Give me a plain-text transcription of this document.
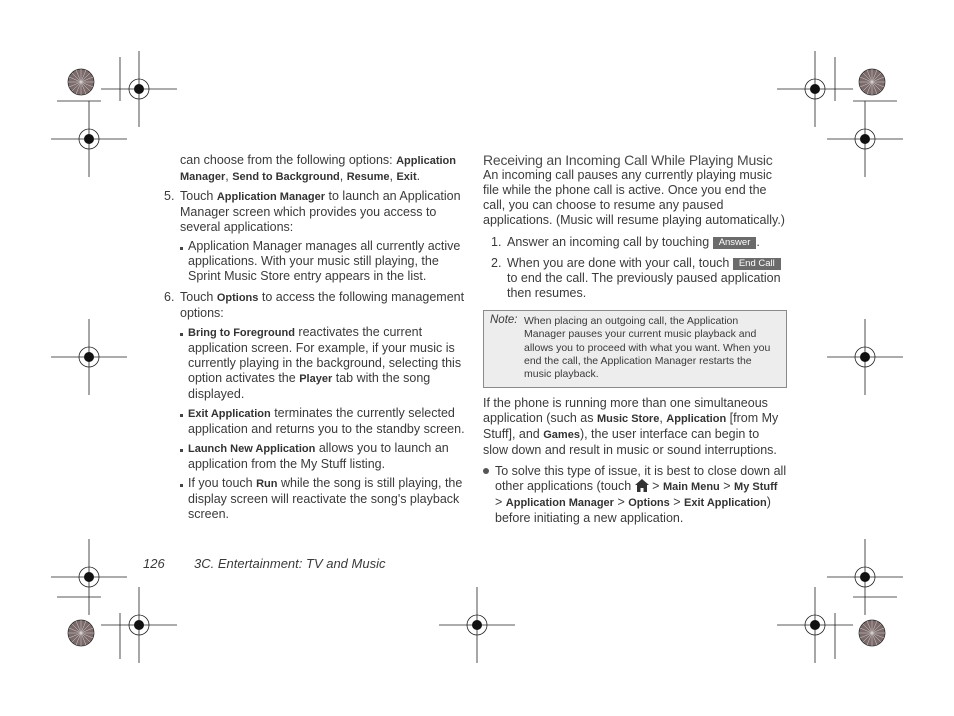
can choose from the following options: Application Manager, Send to Background, Resume, Exit.

5. Touch Application Manager to launch an Application Manager screen which provides you access to several applications:

Application Manager manages all currently active applications. With your music still playing, the Sprint Music Store entry appears in the list.
6. Touch Options to access the following management options:

Bring to Foreground reactivates the current application screen. For example, if your music is currently playing in the background, selecting this option activates the Player tab with the song displayed.
Exit Application terminates the currently selected application and returns you to the standby screen.
Launch New Application allows you to launch an application from the My Stuff listing.
If you touch Run while the song is still playing, the display screen will reactivate the song's playback screen.

Receiving an Incoming Call While Playing Music

An incoming call pauses any currently playing music file while the phone call is active. Once you end the call, you can choose to resume any paused applications. (Music will resume playing automatically.)

1. Answer an incoming call by touching Answer .
2. When you are done with your call, touch End Call to end the call. The previously paused application then resumes.
Note: When placing an outgoing call, the Application Manager pauses your current music playback and allows you to proceed with what you want. When you end the call, the Application Manager restarts the music playback.

If the phone is running more than one simultaneous application (such as Music Store, Application [from My Stuff], and Games), the user interface can begin to slow down and result in music or sound interruptions.

To solve this type of issue, it is best to close down all other applications (touch  > Main Menu > My Stuff > Application Manager > Options > Exit Application) before initiating a new application.
126 3C. Entertainment: TV and Music
